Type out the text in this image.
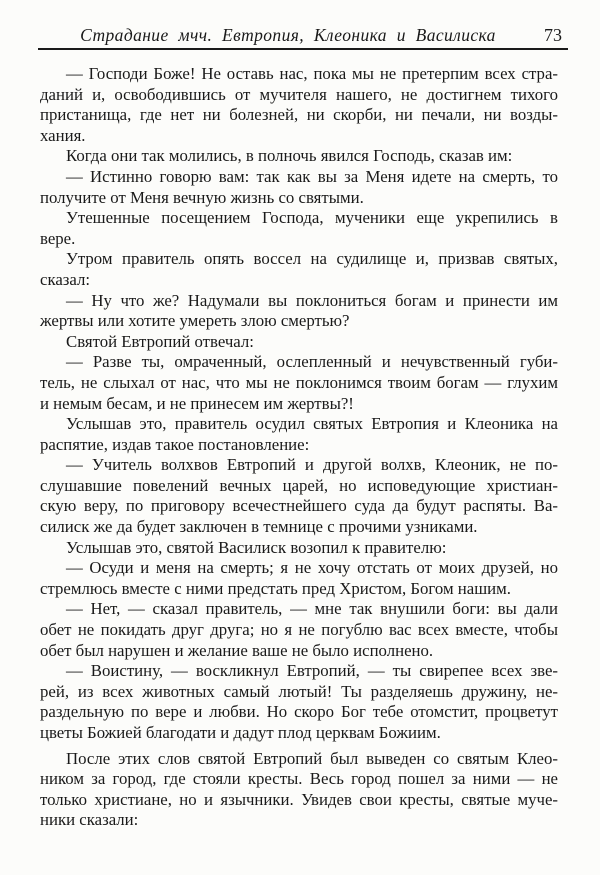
Страдание мчч. Евтропия, Клеоника и Василиска	73
— Господи Боже! Не оставь нас, пока мы не претерпим всех стра-
даний и, освободившись от мучителя нашего, не достигнем тихого
пристанища, где нет ни болезней, ни скорби, ни печали, ни возды-
хания.
Когда они так молились, в полночь явился Господь, сказав им:
— Истинно говорю вам: так как вы за Меня идете на смерть, то
получите от Меня вечную жизнь со святыми.
Утешенные посещением Господа, мученики еще укрепились в
вере.
Утром правитель опять воссел на судилище и, призвав святых,
сказал:
— Ну что же? Надумали вы поклониться богам и принести им
жертвы или хотите умереть злою смертью?
Святой Евтропий отвечал:
— Разве ты, омраченный, ослепленный и нечувственный губи-
тель, не слыхал от нас, что мы не поклонимся твоим богам — глухим
и немым бесам, и не принесем им жертвы?!
Услышав это, правитель осудил святых Евтропия и Клеоника на
распятие, издав такое постановление:
— Учитель волхвов Евтропий и другой волхв, Клеоник, не по-
слушавшие повелений вечных царей, но исповедующие христиан-
скую веру, по приговору всечестнейшего суда да будут распяты. Ва-
силиск же да будет заключен в темнице с прочими узниками.
Услышав это, святой Василиск возопил к правителю:
— Осуди и меня на смерть; я не хочу отстать от моих друзей, но
стремлюсь вместе с ними предстать пред Христом, Богом нашим.
— Нет, — сказал правитель, — мне так внушили боги: вы дали
обет не покидать друг друга; но я не погублю вас всех вместе, чтобы
обет был нарушен и желание ваше не было исполнено.
— Воистину, — воскликнул Евтропий, — ты свирепее всех зве-
рей, из всех животных самый лютый! Ты разделяешь дружину, не-
раздельную по вере и любви. Но скоро Бог тебе отомстит, процветут
цветы Божией благодати и дадут плод церквам Божиим.
После этих слов святой Евтропий был выведен со святым Клео-
ником за город, где стояли кресты. Весь город пошел за ними — не
только христиане, но и язычники. Увидев свои кресты, святые муче-
ники сказали:
